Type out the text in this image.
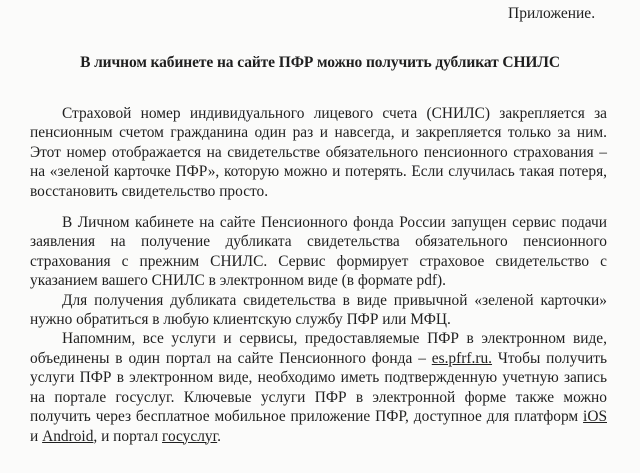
Приложение.
В личном кабинете на сайте ПФР можно получить дубликат СНИЛС

Страховой номер индивидуального лицевого счета (СНИЛС) закрепляется за пенсионным счетом гражданина один раз и навсегда, и закрепляется только за ним. Этот номер отображается на свидетельстве обязательного пенсионного страхования – на «зеленой карточке ПФР», которую можно и потерять. Если случилась такая потеря, восстановить свидетельство просто.

В Личном кабинете на сайте Пенсионного фонда России запущен сервис подачи заявления на получение дубликата свидетельства обязательного пенсионного страхования с прежним СНИЛС. Сервис формирует страховое свидетельство с указанием вашего СНИЛС в электронном виде (в формате pdf).

Для получения дубликата свидетельства в виде привычной «зеленой карточки» нужно обратиться в любую клиентскую службу ПФР или МФЦ.

Напомним, все услуги и сервисы, предоставляемые ПФР в электронном виде, объединены в один портал на сайте Пенсионного фонда – es.pfrf.ru. Чтобы получить услуги ПФР в электронном виде, необходимо иметь подтвержденную учетную запись на портале госуслуг. Ключевые услуги ПФР в электронной форме также можно получить через бесплатное мобильное приложение ПФР, доступное для платформ iOS и Android, и портал госуслуг.
